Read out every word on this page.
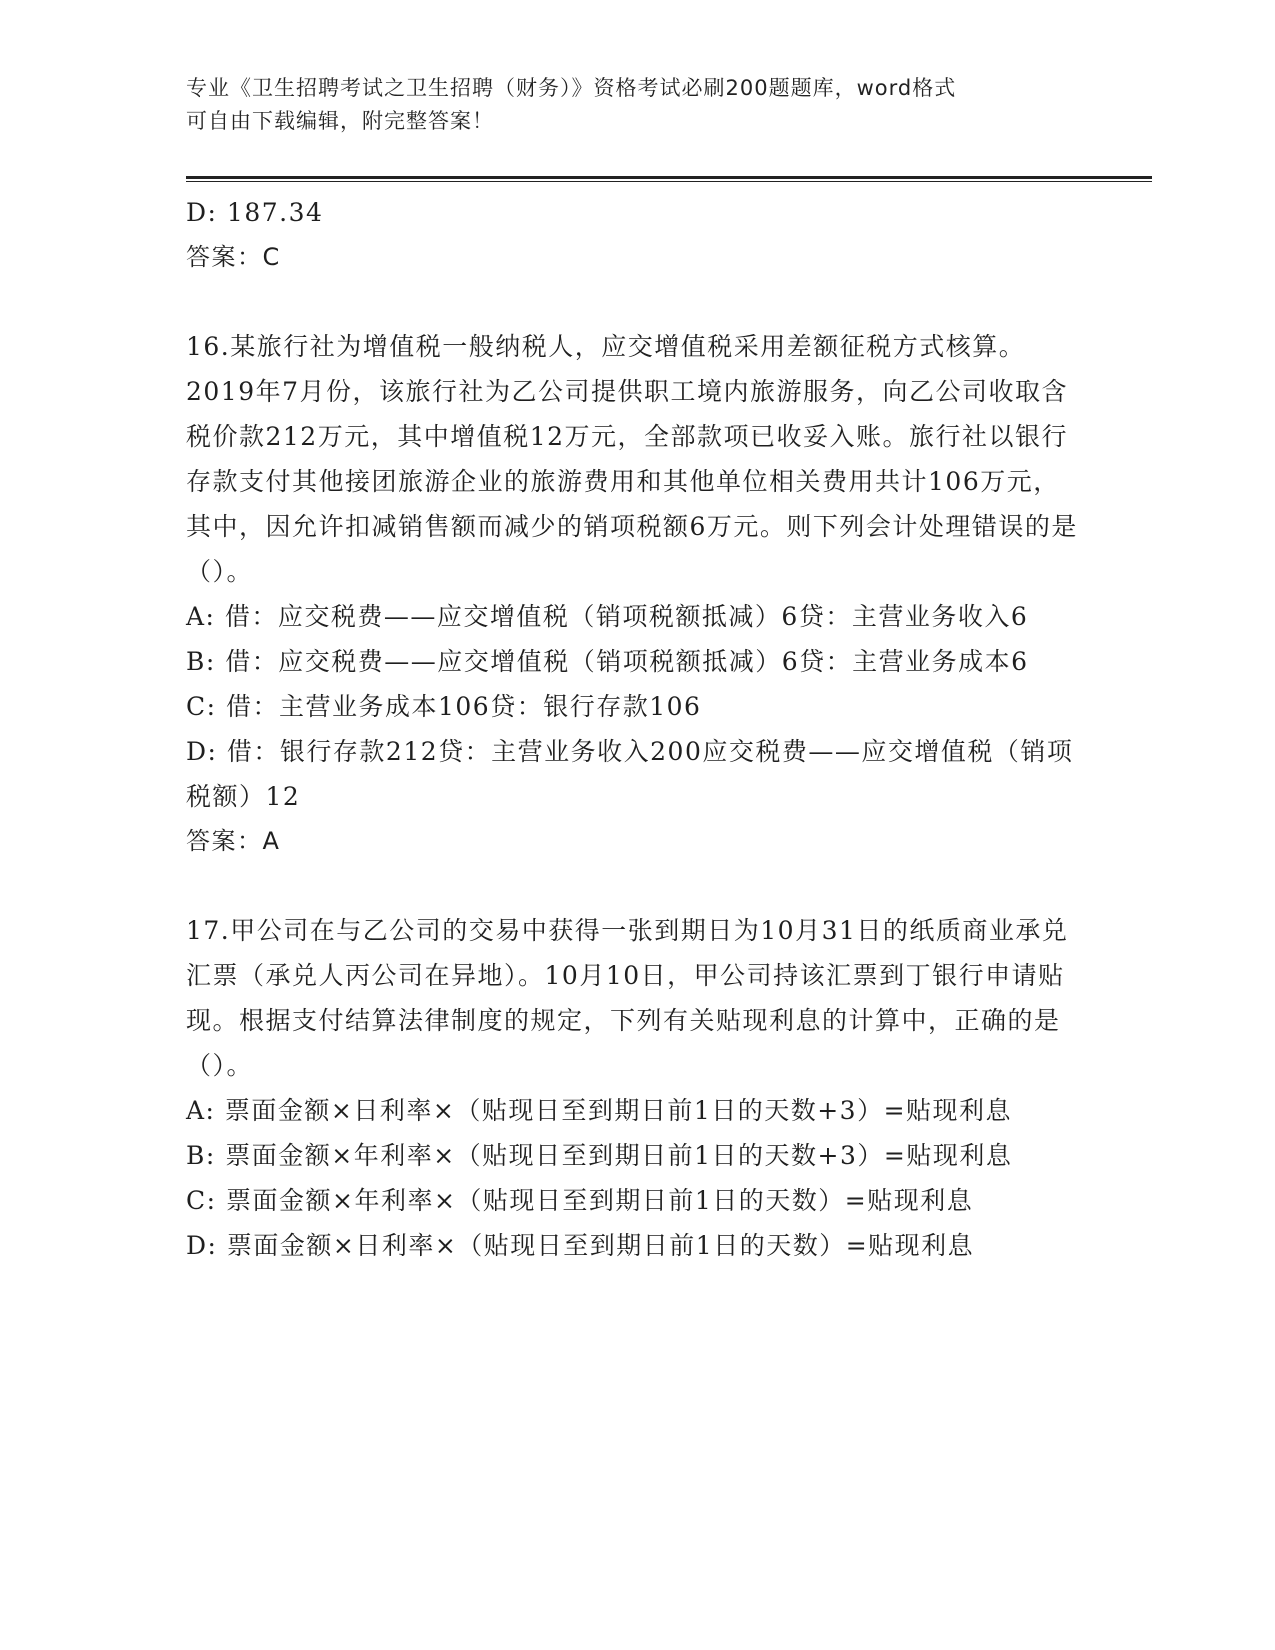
专业《卫生招聘考试之卫生招聘（财务）》资格考试必刷200题题库，word格式
可自由下载编辑，附完整答案！

D: 187.34

答案：C

16.某旅行社为增值税一般纳税人，应交增值税采用差额征税方式核算。2019年7月份，该旅行社为乙公司提供职工境内旅游服务，向乙公司收取含税价款212万元，其中增值税12万元，全部款项已收妥入账。旅行社以银行存款支付其他接团旅游企业的旅游费用和其他单位相关费用共计106万元，其中，因允许扣减销售额而减少的销项税额6万元。则下列会计处理错误的是（）。

A: 借：应交税费——应交增值税（销项税额抵减）6贷：主营业务收入6

B: 借：应交税费——应交增值税（销项税额抵减）6贷：主营业务成本6

C: 借：主营业务成本106贷：银行存款106

D: 借：银行存款212贷：主营业务收入200应交税费——应交增值税（销项税额）12

答案：A

17.甲公司在与乙公司的交易中获得一张到期日为10月31日的纸质商业承兑汇票（承兑人丙公司在异地）。10月10日，甲公司持该汇票到丁银行申请贴现。根据支付结算法律制度的规定，下列有关贴现利息的计算中，正确的是（）。

A: 票面金额×日利率×（贴现日至到期日前1日的天数+3）=贴现利息

B: 票面金额×年利率×（贴现日至到期日前1日的天数+3）=贴现利息

C: 票面金额×年利率×（贴现日至到期日前1日的天数）=贴现利息

D: 票面金额×日利率×（贴现日至到期日前1日的天数）=贴现利息
